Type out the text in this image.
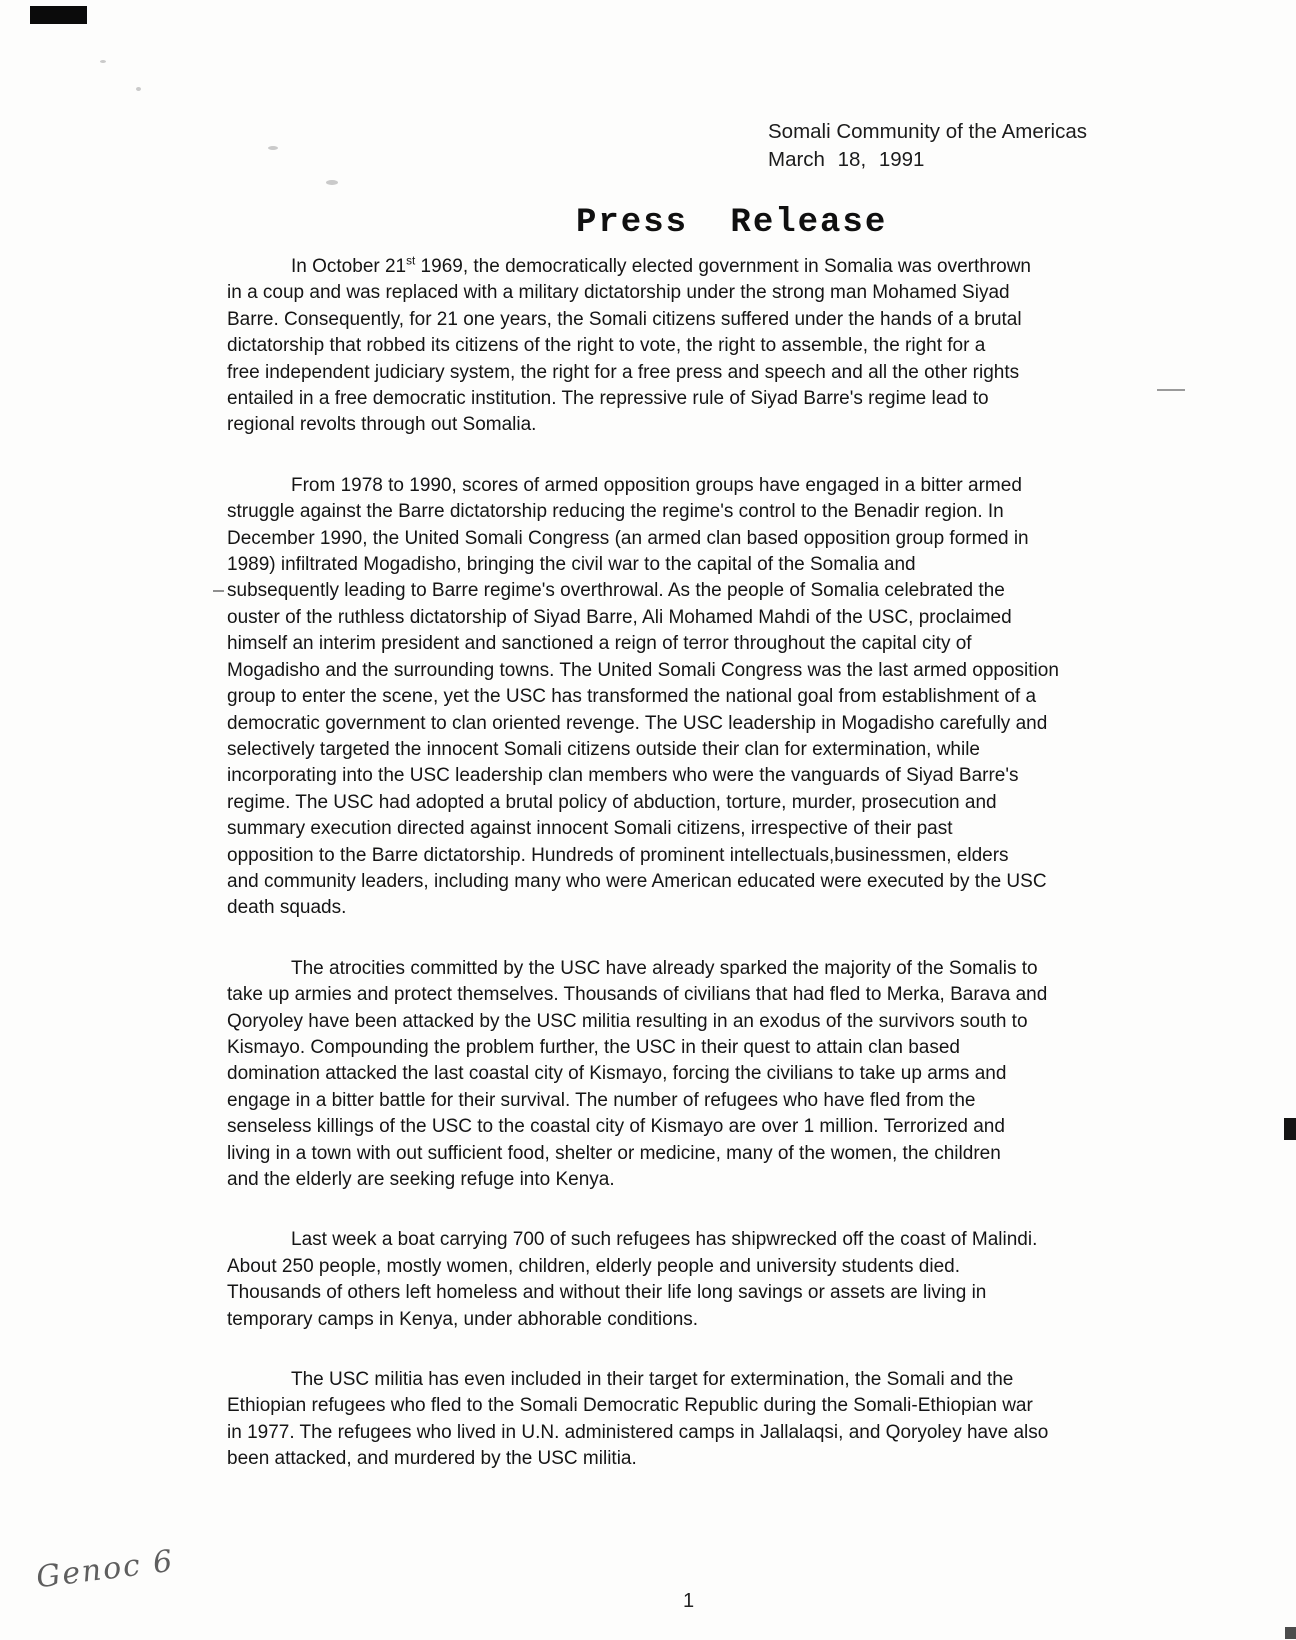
Somali Community of the Americas
March 18, 1991
Press Release

In October 21st 1969, the democratically elected government in Somalia was overthrown
in a coup and was replaced with a military dictatorship under the strong man Mohamed Siyad
Barre. Consequently, for 21 one years, the Somali citizens suffered under the hands of a brutal
dictatorship that robbed its citizens of the right to vote, the right to assemble, the right for a
free independent judiciary system, the right for a free press and speech and all the other rights
entailed in a free democratic institution. The repressive rule of Siyad Barre's regime lead to
regional revolts through out Somalia.

From 1978 to 1990, scores of armed opposition groups have engaged in a bitter armed
struggle against the Barre dictatorship reducing the regime's control to the Benadir region. In
December 1990, the United Somali Congress (an armed clan based opposition group formed in
1989) infiltrated Mogadisho, bringing the civil war to the capital of the Somalia and
subsequently leading to Barre regime's overthrowal. As the people of Somalia celebrated the
ouster of the ruthless dictatorship of Siyad Barre, Ali Mohamed Mahdi of the USC, proclaimed
himself an interim president and sanctioned a reign of terror throughout the capital city of
Mogadisho and the surrounding towns. The United Somali Congress was the last armed opposition
group to enter the scene, yet the USC has transformed the national goal from establishment of a
democratic government to clan oriented revenge. The USC leadership in Mogadisho carefully and
selectively targeted the innocent Somali citizens outside their clan for extermination, while
incorporating into the USC leadership clan members who were the vanguards of Siyad Barre's
regime. The USC had adopted a brutal policy of abduction, torture, murder, prosecution and
summary execution directed against innocent Somali citizens, irrespective of their past
opposition to the Barre dictatorship. Hundreds of prominent intellectuals,businessmen, elders
and community leaders, including many who were American educated were executed by the USC
death squads.

The atrocities committed by the USC have already sparked the majority of the Somalis to
take up armies and protect themselves. Thousands of civilians that had fled to Merka, Barava and
Qoryoley have been attacked by the USC militia resulting in an exodus of the survivors south to
Kismayo. Compounding the problem further, the USC in their quest to attain clan based
domination attacked the last coastal city of Kismayo, forcing the civilians to take up arms and
engage in a bitter battle for their survival. The number of refugees who have fled from the
senseless killings of the USC to the coastal city of Kismayo are over 1 million. Terrorized and
living in a town with out sufficient food, shelter or medicine, many of the women, the children
and the elderly are seeking refuge into Kenya.

Last week a boat carrying 700 of such refugees has shipwrecked off the coast of Malindi.
About 250 people, mostly women, children, elderly people and university students died.
Thousands of others left homeless and without their life long savings or assets are living in
temporary camps in Kenya, under abhorable conditions.

The USC militia has even included in their target for extermination, the Somali and the
Ethiopian refugees who fled to the Somali Democratic Republic during the Somali-Ethiopian war
in 1977. The refugees who lived in U.N. administered camps in Jallalaqsi, and Qoryoley have also
been attacked, and murdered by the USC militia.

Genoc 6
1
